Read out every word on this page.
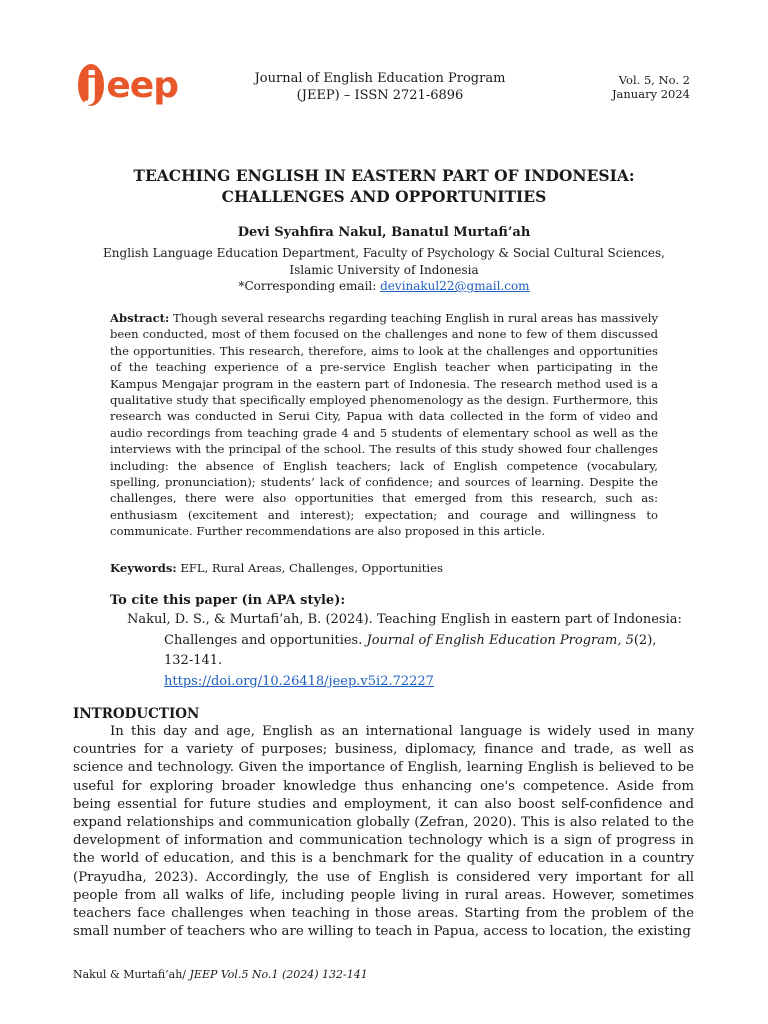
j eep	Journal of English Education Program
(JEEP) – ISSN 2721-6896
Vol. 5, No. 2
January 2024
TEACHING ENGLISH IN EASTERN PART OF INDONESIA:
CHALLENGES AND OPPORTUNITIES
Devi Syahfira Nakul, Banatul Murtafi’ah
English Language Education Department, Faculty of Psychology & Social Cultural Sciences,
Islamic University of Indonesia
*Corresponding email: devinakul22@gmail.com
Abstract: Though several researchs regarding teaching English in rural areas has massively been conducted, most of them focused on the challenges and none to few of them discussed the opportunities. This research, therefore, aims to look at the challenges and opportunities of the teaching experience of a pre-service English teacher when participating in the Kampus Mengajar program in the eastern part of Indonesia. The research method used is a qualitative study that specifically employed phenomenology as the design. Furthermore, this research was conducted in Serui City, Papua with data collected in the form of video and audio recordings from teaching grade 4 and 5 students of elementary school as well as the interviews with the principal of the school. The results of this study showed four challenges including: the absence of English teachers; lack of English competence (vocabulary, spelling, pronunciation); students’ lack of confidence; and sources of learning. Despite the challenges, there were also opportunities that emerged from this research, such as: enthusiasm (excitement and interest); expectation; and courage and willingness to communicate. Further recommendations are also proposed in this article.
Keywords: EFL, Rural Areas, Challenges, Opportunities
To cite this paper (in APA style):
Nakul, D. S., & Murtafi’ah, B. (2024). Teaching English in eastern part of Indonesia: Challenges and opportunities. Journal of English Education Program, 5(2), 132-141.
https://doi.org/10.26418/jeep.v5i2.72227
INTRODUCTION
In this day and age, English as an international language is widely used in many countries for a variety of purposes; business, diplomacy, finance and trade, as well as science and technology. Given the importance of English, learning English is believed to be useful for exploring broader knowledge thus enhancing one's competence. Aside from being essential for future studies and employment, it can also boost self-confidence and expand relationships and communication globally (Zefran, 2020). This is also related to the development of information and communication technology which is a sign of progress in the world of education, and this is a benchmark for the quality of education in a country (Prayudha, 2023). Accordingly, the use of English is considered very important for all people from all walks of life, including people living in rural areas. However, sometimes teachers face challenges when teaching in those areas. Starting from the problem of the small number of teachers who are willing to teach in Papua, access to location, the existing
Nakul & Murtafi’ah/ JEEP Vol.5 No.1 (2024) 132-141
